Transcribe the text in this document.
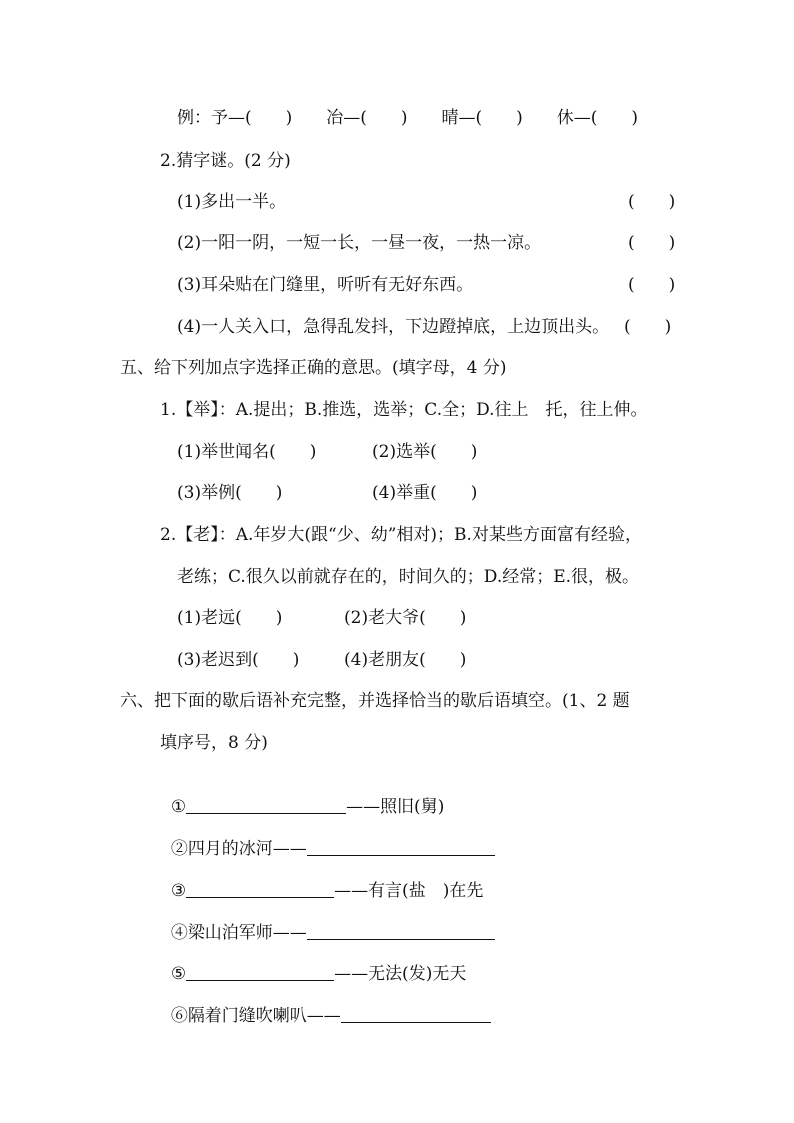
例：予—(　　)　　冶—(　　)　　晴—(　　)　　休—(　　)
2.猜字谜。(2 分)
(1)多出一半。	(　　)
(2)一阳一阴，一短一长，一昼一夜，一热一凉。	(　　)
(3)耳朵贴在门缝里，听听有无好东西。	(　　)
(4)一人关入口，急得乱发抖，下边蹬掉底，上边顶出头。 (　　)
五、给下列加点字选择正确的意思。(填字母，4 分)
1.【举】：A.提出；B.推选，选举；C.全；D.往上　托，往上伸。
(1)举世闻名(　　)	(2)选举(　　)
(3)举例(　　)	(4)举重(　　)
2.【老】：A.年岁大(跟“少、幼”相对)；B.对某些方面富有经验，
老练；C.很久以前就存在的，时间久的；D.经常；E.很，极。
(1)老远(　　)	(2)老大爷(　　)
(3)老迟到(　　)	(4)老朋友(　　)
六、把下面的歇后语补充完整，并选择恰当的歇后语填空。(1、2 题
填序号，8 分)

①	——照旧(舅)

②四月的冰河——

③	——有言(盐　)在先

④梁山泊军师——

⑤	——无法(发)无天

⑥隔着门缝吹喇叭——
